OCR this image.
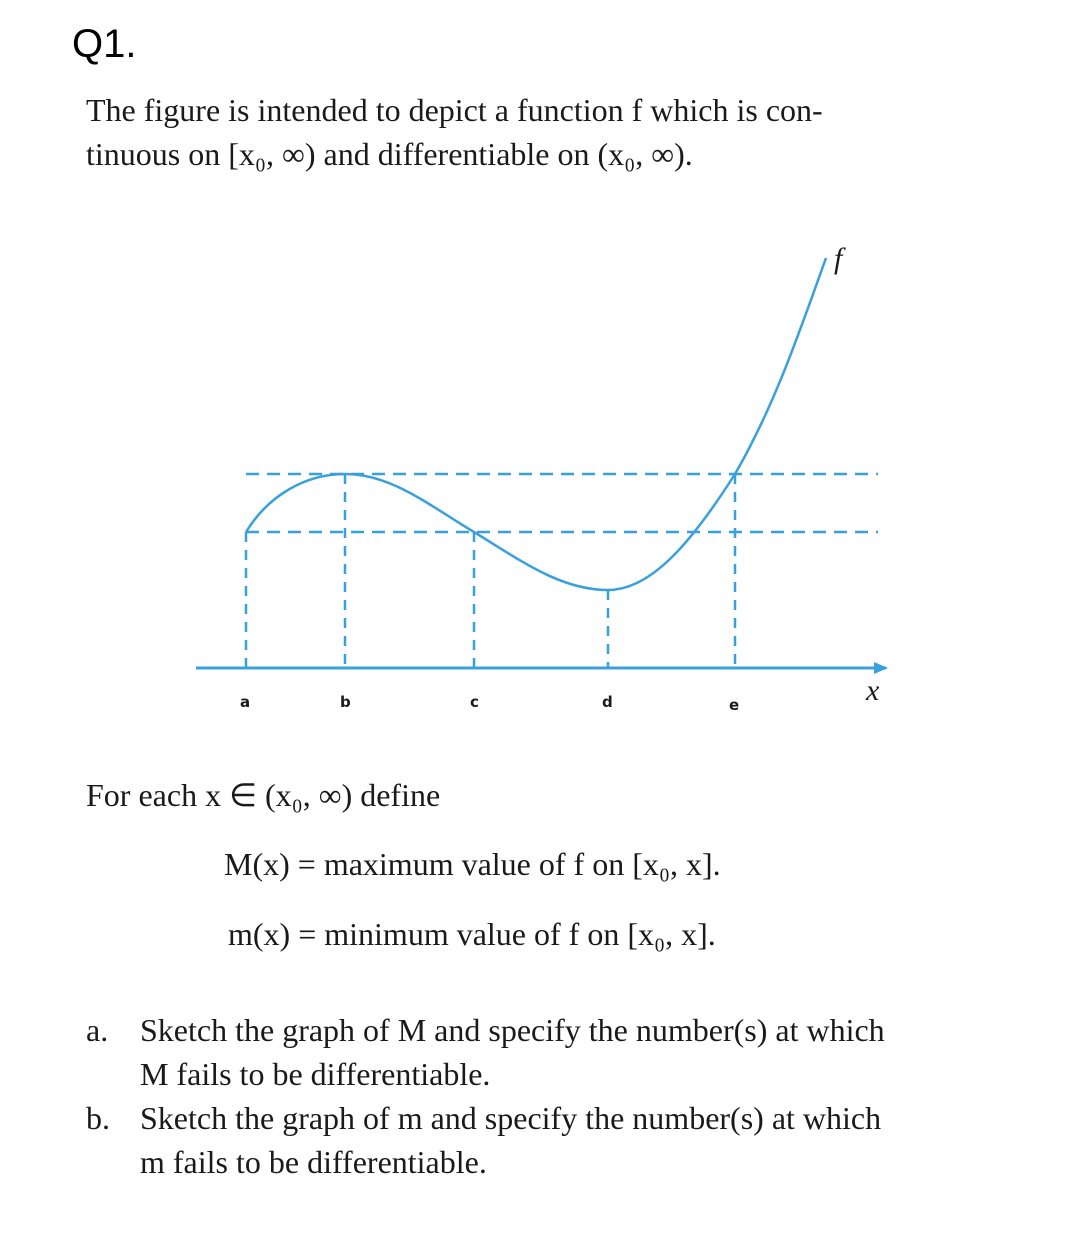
Q1.
The figure is intended to depict a function f which is con-
tinuous on [x₀, ∞) and differentiable on (x₀, ∞).
f
x
a	b	c	d	e
For each x ∈ (x₀, ∞) define
M(x) = maximum value of f on [x₀, x].
m(x) = minimum value of f on [x₀, x].
a. Sketch the graph of M and specify the number(s) at which
M fails to be differentiable.
b. Sketch the graph of m and specify the number(s) at which
m fails to be differentiable.
